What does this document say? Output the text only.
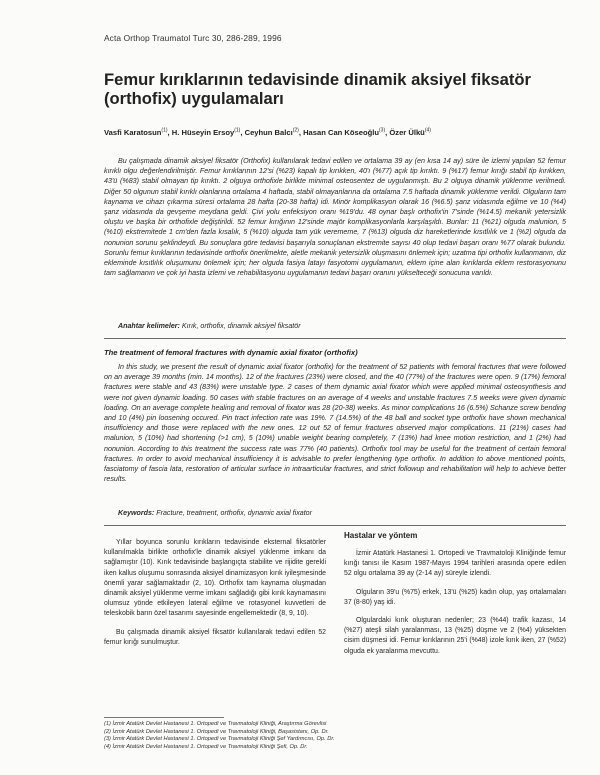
Acta Orthop Traumatol Turc 30, 286-289, 1996
Femur kırıklarının tedavisinde dinamik aksiyel fiksatör (orthofix) uygulamaları
Vasfi Karatosun$^{(1)}$, H. Hüseyin Ersoy$^{(1)}$, Ceyhun Balcı$^{(2)}$, Hasan Can Köseoğlu$^{(3)}$, Özer Ülkü$^{(4)}$

Bu çalışmada dinamik aksiyel fiksatör (Orthofix) kullanılarak tedavi edilen ve ortalama 39 ay (en kısa 14 ay) süre ile izlemi yapılan 52 femur kırıklı olgu değerlendirilmiştir. Femur kırıklarının 12'si (%23) kapalı tip kırıkken, 40'ı (%77) açık tip kırıktı. 9 (%17) femur kırığı stabil tip kırıkken, 43'ü (%83) stabil olmayan tip kırıktı. 2 olguya orthofixle birlikte minimal osteosentez de uygulanmıştı. Bu 2 olguya dinamik yüklenme verilmedi. Diğer 50 olgunun stabil kırıklı olanlarına ortalama 4 haftada, stabil olmayanlarına da ortalama 7.5 haftada dinamik yüklenme verildi. Olguların tam kaynama ve cihazı çıkarma süresi ortalama 28 hafta (20-38 hafta) idi. Minör komplikasyon olarak 16 (%6.5) şanz vidasında eğilme ve 10 (%4) şanz vidasında da gevşeme meydana geldi. Çivi yolu enfeksiyon oranı %19'du. 48 oynar başlı orthofix'in 7'sinde (%14.5) mekanik yetersizlik oluştu ve başka bir orthofixle değiştirildi. 52 femur kırığının 12'sinde majör komplikasyonlarla karşılaşıldı. Bunlar: 11 (%21) olguda malunion, 5 (%10) ekstremitede 1 cm'den fazla kısalık, 5 (%10) olguda tam yük verememe, 7 (%13) olguda diz hareketlerinde kısıtlılık ve 1 (%2) olguda da nonunion sorunu şeklindeydi. Bu sonuçlara göre tedavisi başarıyla sonuçlanan ekstremite sayısı 40 olup tedavi başarı oranı %77 olarak bulundu. Sorunlu femur kırıklarının tedavisinde orthofix önerilmekte, aletle mekanik yetersizlik oluşmasını önlemek için; uzatma tipi orthofix kullanmanın, diz ekleminde kısıtlılık oluşumunu önlemek için; her olguda fasiya latayı fasyotomi uygulamanın, eklem içine alan kırıklarda eklem restorasyonunu tam sağlamanın ve çok iyi hasta izlemi ve rehabilitasyonu uygulamanın tedavi başarı oranını yükselteceği sonucuna varıldı.

Anahtar kelimeler: Kırık, orthofix, dinamik aksiyel fiksatör
The treatment of femoral fractures with dynamic axial fixator (orthofix)

In this study, we present the result of dynamic axial fixator (orthofix) for the treatment of 52 patients with femoral fractures that were followed on an average 39 months (min. 14 months). 12 of the fractures (23%) were closed, and the 40 (77%) of the fractures were open. 9 (17%) femoral fractures were stable and 43 (83%) were unstable type. 2 cases of them dynamic axial fixator which were applied minimal osteosynthesis and were not given dynamic loading. 50 cases with stable fractures on an average of 4 weeks and unstable fractures 7.5 weeks were given dynamic loading. On an average complete healing and removal of fixator was 28 (20-38) weeks. As minor complications 16 (6.5%) Schanze screw bending and 10 (4%) pin loosening occured. Pin tract infection rate was 19%. 7 (14.5%) of the 48 ball and socket type orthofix have shown mechanical insufficiency and those were replaced with the new ones. 12 out 52 of femur fractures observed major complications. 11 (21%) cases had malunion, 5 (10%) had shortening (>1 cm), 5 (10%) unable weight bearing completely, 7 (13%) had knee motion restriction, and 1 (2%) had nonunion. According to this treatment the success rate was 77% (40 patients). Orthofix tool may be useful for the treatment of certain femoral fractures. In order to avoid mechanical insufficiency it is advisable to prefer lengthening type orthofix. In addition to above mentioned points, fasciatomy of fascia lata, restoration of articular surface in intraarticular fractures, and strict followup and rehabilitation will help to achieve better results.

Keywords: Fracture, treatment, orthofix, dynamic axial fixator

Yıllar boyunca sorunlu kırıkların tedavisinde eksternal fiksatörler kullanılmakla birlikte orthofix'le dinamik aksiyel yüklenme imkanı da sağlamıştır (10). Kırık tedavisinde başlangıçta stabilite ve rijidite gerekli iken kallus oluşumu sonrasında aksiyel dinamizasyon kırık iyileşmesinde önemli yarar sağlamaktadır (2, 10). Orthofix tam kaynama oluşmadan dinamik aksiyel yüklenme verme imkanı sağladığı gibi kırık kaynamasını olumsuz yönde etkileyen lateral eğilme ve rotasyonel kuvvetleri de teleskobik barın özel tasarımı sayesinde engellemektedir (8, 9, 10).

Bu çalışmada dinamik aksiyel fiksatör kullanılarak tedavi edilen 52 femur kırığı sunulmuştur.

Hastalar ve yöntem

İzmir Atatürk Hastanesi 1. Ortopedi ve Travmatoloji Kliniğinde femur kırığı tanısı ile Kasım 1987-Mayıs 1994 tarihleri arasında opere edilen 52 olgu ortalama 39 ay (2-14 ay) süreyle izlendi.

Olguların 39'u (%75) erkek, 13'ü (%25) kadın olup, yaş ortalamaları 37 (8-80) yaş idi.

Olgulardaki kırık oluşturan nedenler; 23 (%44) trafik kazası, 14 (%27) ateşli silah yaralanması, 13 (%25) düşme ve 2 (%4) yüksekten cisim düşmesi idi. Femur kırıklarının 25'i (%48) izole kırık iken, 27 (%52) olguda ek yaralanma mevcuttu.

(1) İzmir Atatürk Devlet Hastanesi 1. Ortopedi ve Travmatoloji Kliniği, Araştırma Görevlisi
(2) İzmir Atatürk Devlet Hastanesi 1. Ortopedi ve Travmatoloji Kliniği, Başasistanı, Op. Dr.
(3) İzmir Atatürk Devlet Hastanesi 1. Ortopedi ve Travmatoloji Kliniği Şef Yardımcısı, Op. Dr.
(4) İzmir Atatürk Devlet Hastanesi 1. Ortopedi ve Travmatoloji Kliniği Şefi, Op. Dr.
